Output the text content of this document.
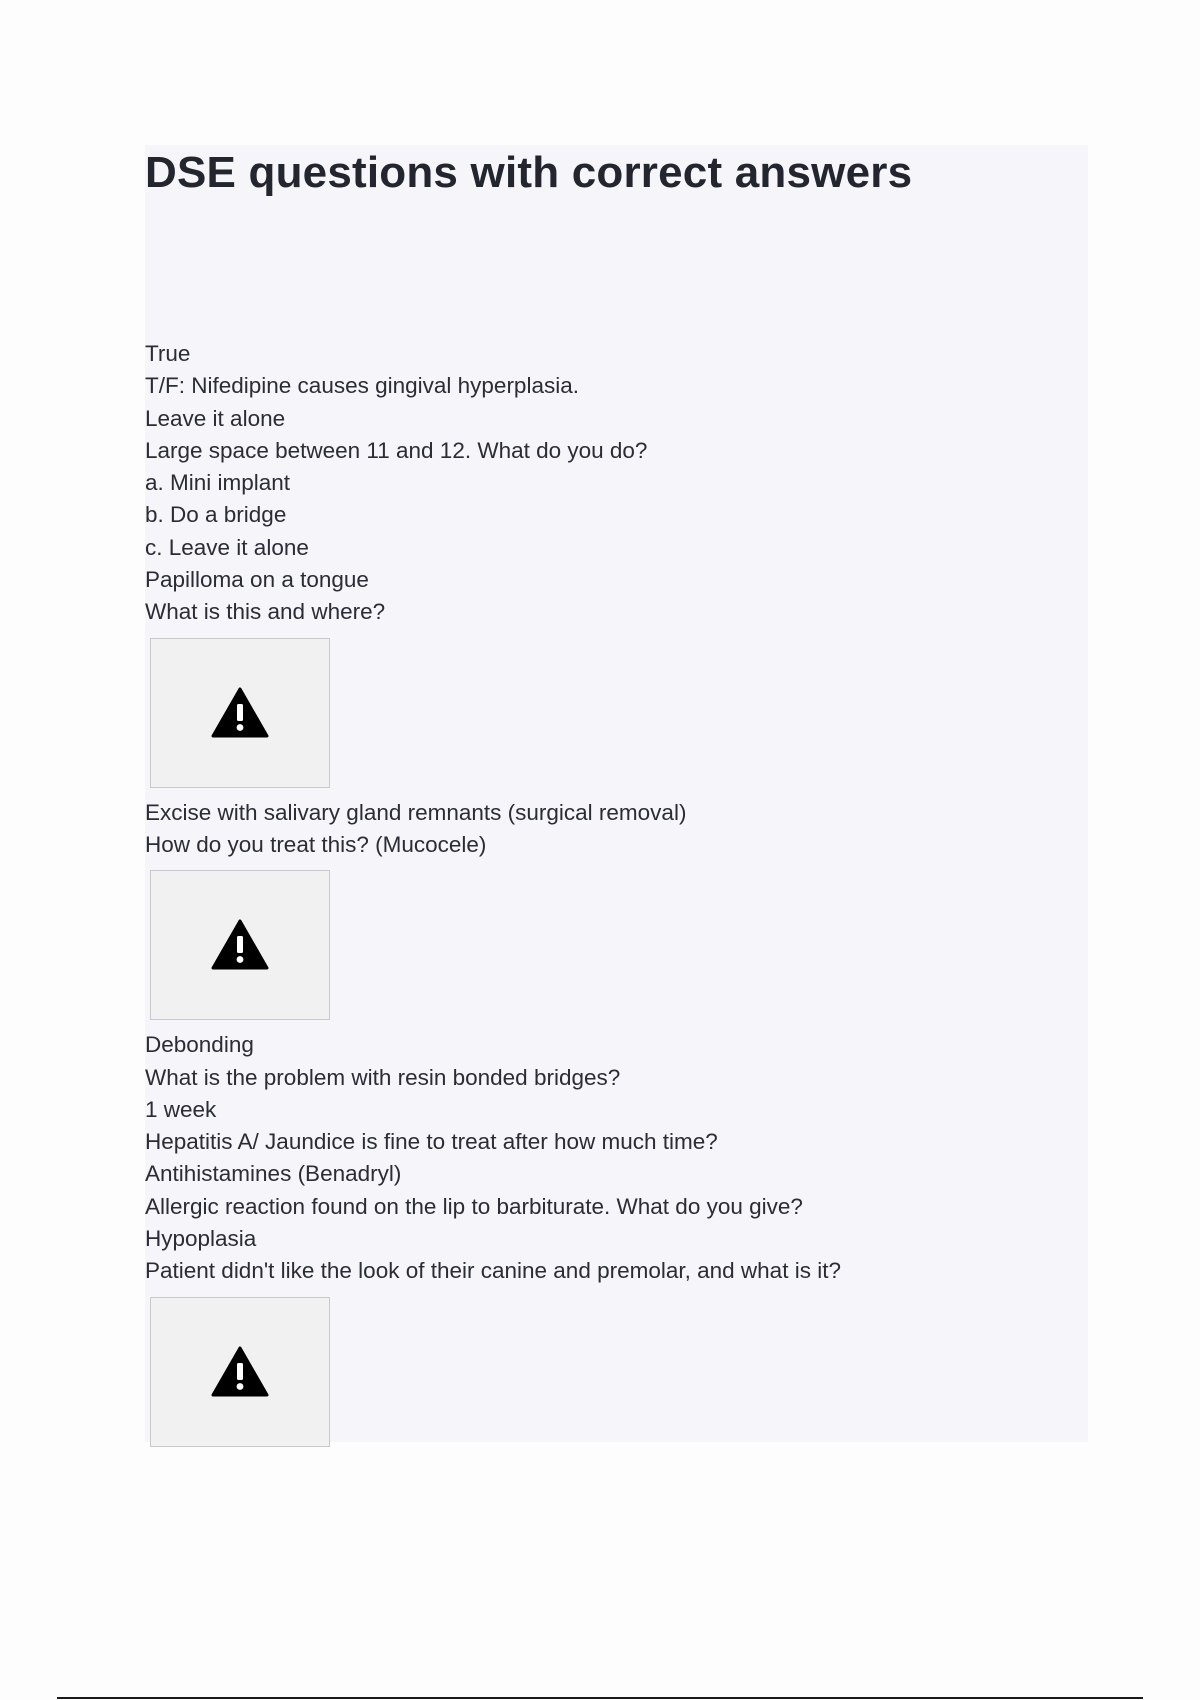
DSE questions with correct answers
True
T/F: Nifedipine causes gingival hyperplasia.
Leave it alone
Large space between 11 and 12. What do you do?
a. Mini implant
b. Do a bridge
c. Leave it alone
Papilloma on a tongue
What is this and where?
Excise with salivary gland remnants (surgical removal)
How do you treat this? (Mucocele)
Debonding
What is the problem with resin bonded bridges?
1 week
Hepatitis A/ Jaundice is fine to treat after how much time?
Antihistamines (Benadryl)
Allergic reaction found on the lip to barbiturate. What do you give?
Hypoplasia
Patient didn't like the look of their canine and premolar, and what is it?
